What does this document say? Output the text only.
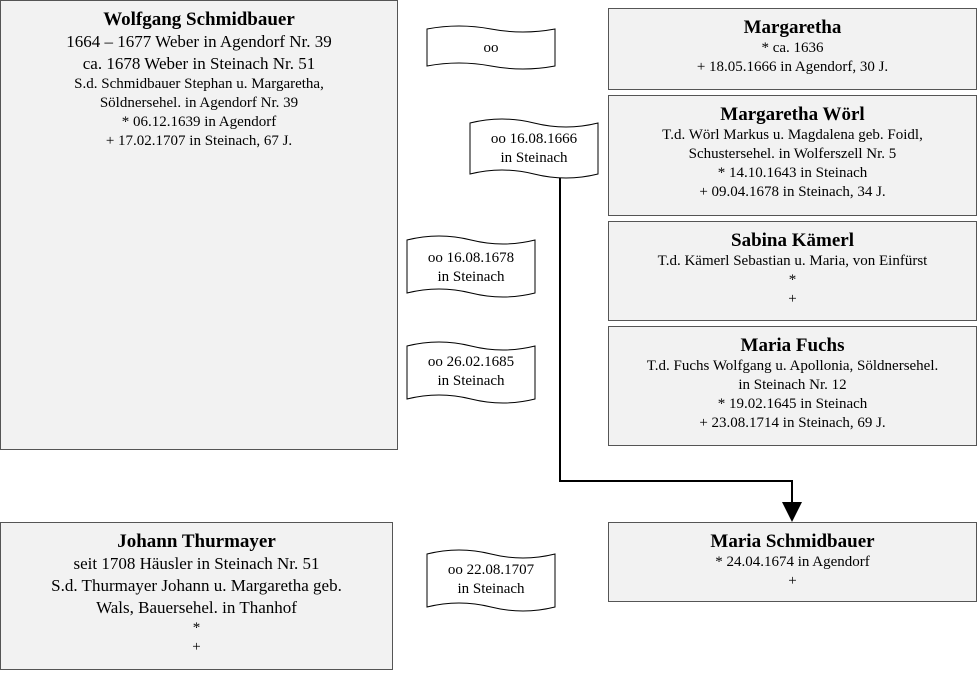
Wolfgang Schmidbauer
1664 – 1677 Weber in Agendorf Nr. 39
ca. 1678 Weber in Steinach Nr. 51
S.d. Schmidbauer Stephan u. Margaretha,
Söldnersehel. in Agendorf Nr. 39
* 06.12.1639 in Agendorf
+ 17.02.1707 in Steinach, 67 J.
Margaretha
* ca. 1636
+ 18.05.1666 in Agendorf, 30 J.
Margaretha Wörl
T.d. Wörl Markus u. Magdalena geb. Foidl,
Schustersehel. in Wolferszell Nr. 5
* 14.10.1643 in Steinach
+ 09.04.1678 in Steinach, 34 J.
Sabina Kämerl
T.d. Kämerl Sebastian u. Maria, von Einfürst
*
+
Maria Fuchs
T.d. Fuchs Wolfgang u. Apollonia, Söldnersehel.
in Steinach Nr. 12
* 19.02.1645 in Steinach
+ 23.08.1714 in Steinach, 69 J.
Johann Thurmayer
seit 1708 Häusler in Steinach Nr. 51
S.d. Thurmayer Johann u. Margaretha geb.
Wals, Bauersehel. in Thanhof
*
+
Maria Schmidbauer
* 24.04.1674 in Agendorf
+
oo
oo 16.08.1666
in Steinach
oo 16.08.1678
in Steinach
oo 26.02.1685
in Steinach
oo 22.08.1707
in Steinach
